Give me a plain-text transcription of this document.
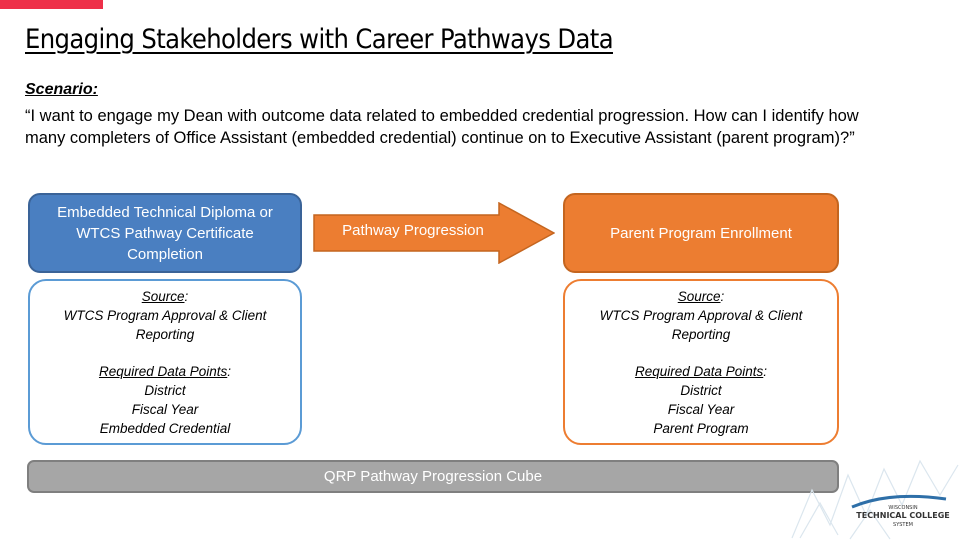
Engaging Stakeholders with Career Pathways Data
Scenario:
“I want to engage my Dean with outcome data related to embedded credential progression. How can I identify how many completers of Office Assistant (embedded credential) continue on to Executive Assistant (parent program)?”
Embedded Technical Diploma or WTCS Pathway Certificate Completion
Pathway Progression	Parent Program Enrollment
Source:
WTCS Program Approval & Client
Reporting
Required Data Points:
District
Fiscal Year
Embedded Credential
Source:
WTCS Program Approval & Client
Reporting
Required Data Points:
District
Fiscal Year
Parent Program
QRP Pathway Progression Cube
WISCONSIN
TECHNICAL COLLEGE
SYSTEM
